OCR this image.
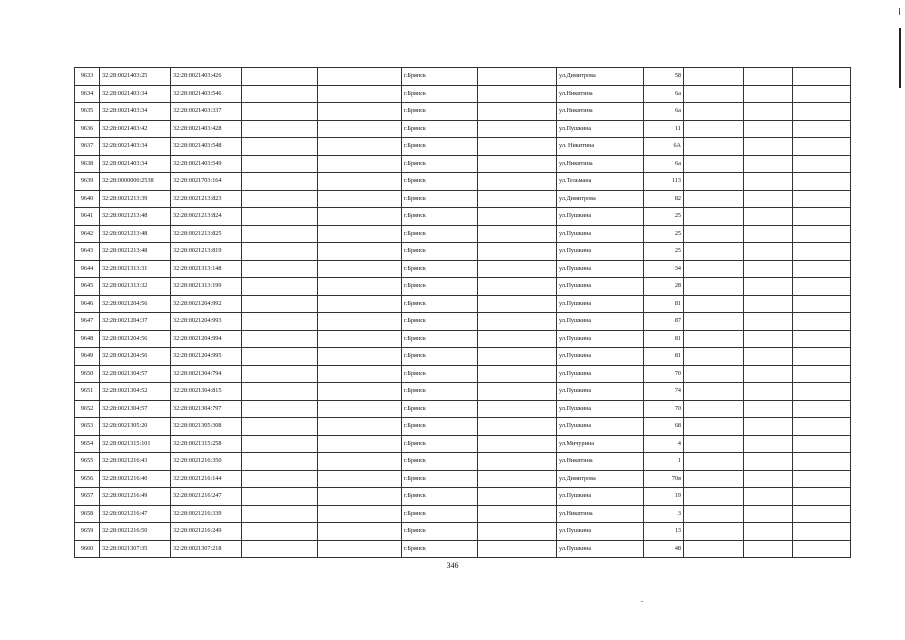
9633	32:28:0021403:25	32:28:0021403:426			г.Брянск		ул.Димитрова	58			
9634	32:28:0021403:34	32:28:0021403:546			г.Брянск		ул.Никитина	6а			
9635	32:28:0021403:34	32:28:0021403:337			г.Брянск		ул.Никитина	6а			
9636	32:28:0021403:42	32:28:0021403:428			г.Брянск		ул.Пушкина	11			
9637	32:28:0021403:34	32:28:0021403:548			г.Брянск		ул. Никитина	6А			
9638	32:28:0021403:34	32:28:0021403:549			г.Брянск		ул.Никитина	6а			
9639	32:28:0000000:2538	32:28:0021703:164			г.Брянск		ул.Тельмана	113			
9640	32:28:0021213:39	32:28:0021213:823			г.Брянск		ул.Димитрова	82			
9641	32:28:0021213:48	32:28:0021213:824			г.Брянск		ул.Пушкина	25			
9642	32:28:0021213:48	32:28:0021213:825			г.Брянск		ул.Пушкина	25			
9643	32:28:0021213:48	32:28:0021213:819			г.Брянск		ул.Пушкина	25			
9644	32:28:0021313:31	32:28:0021313:148			г.Брянск		ул.Пушкина	34			
9645	32:28:0021313:32	32:28:0021313:199			г.Брянск		ул.Пушкина	28			
9646	32:28:0021204:56	32:28:0021204:992			г.Брянск		ул.Пушкина	81			
9647	32:28:0021204:37	32:28:0021204:993			г.Брянск		ул.Пушкина	87			
9648	32:28:0021204:56	32:28:0021204:994			г.Брянск		ул.Пушкина	81			
9649	32:28:0021204:56	32:28:0021204:995			г.Брянск		ул.Пушкина	81			
9650	32:28:0021304:57	32:28:0021304:794			г.Брянск		ул.Пушкина	70			
9651	32:28:0021304:52	32:28:0021304:815			г.Брянск		ул.Пушкина	74			
9652	32:28:0021304:57	32:28:0021304:797			г.Брянск		ул.Пушкина	70			
9653	32:28:0021305:20	32:28:0021305:308			г.Брянск		ул.Пушкина	68			
9654	32:28:0021315:101	32:28:0021315:258			г.Брянск		ул.Мичурина	4			
9655	32:28:0021216:43	32:28:0021216:350			г.Брянск		ул.Никитина	1			
9656	32:28:0021216:40	32:28:0021216:144			г.Брянск		ул.Димитрова	70в			
9657	32:28:0021216:49	32:28:0021216:247			г.Брянск		ул.Пушкина	19			
9658	32:28:0021216:47	32:28:0021216:339			г.Брянск		ул.Никитина	3			
9659	32:28:0021216:50	32:28:0021216:249			г.Брянск		ул.Пушкина	13			
9660	32:28:0021307:35	32:28:0021307:218			г.Брянск		ул.Пушкина	48			
346
